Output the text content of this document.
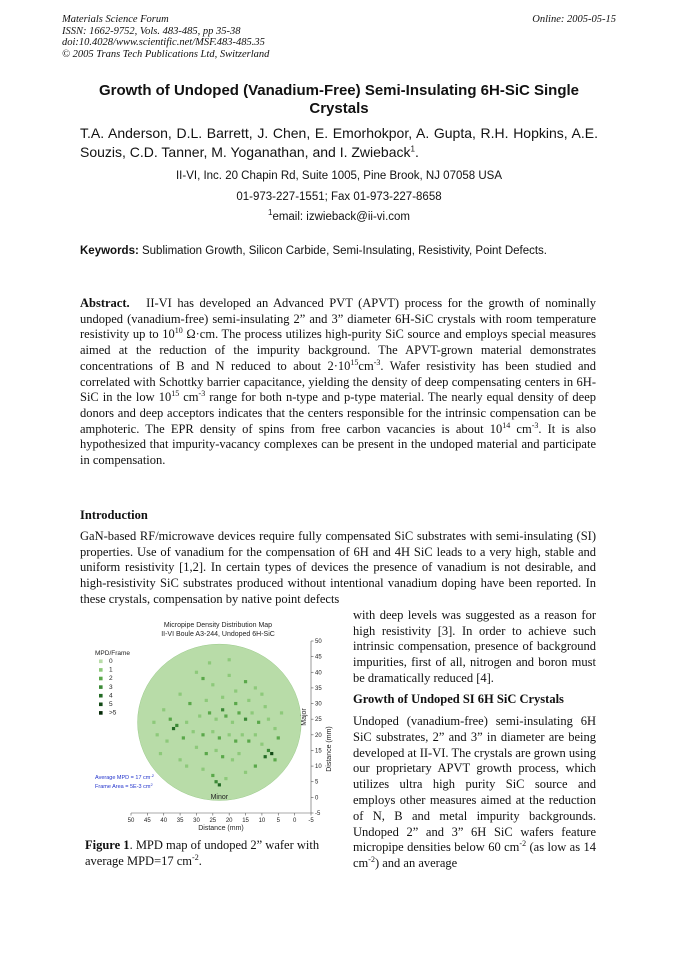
Materials Science Forum
ISSN: 1662-9752, Vols. 483-485, pp 35-38
doi:10.4028/www.scientific.net/MSF.483-485.35
© 2005 Trans Tech Publications Ltd, Switzerland
Online: 2005-05-15
Growth of Undoped (Vanadium-Free) Semi-Insulating 6H-SiC Single Crystals
T.A. Anderson, D.L. Barrett, J. Chen, E. Emorhokpor, A. Gupta, R.H. Hopkins, A.E. Souzis, C.D. Tanner, M. Yoganathan, and I. Zwieback$^1$.
II-VI, Inc. 20 Chapin Rd, Suite 1005, Pine Brook, NJ 07058 USA
01-973-227-1551; Fax 01-973-227-8658
$^1$email: izwieback@ii-vi.com
Keywords: Sublimation Growth, Silicon Carbide, Semi-Insulating, Resistivity, Point Defects.
Abstract. II-VI has developed an Advanced PVT (APVT) process for the growth of nominally undoped (vanadium-free) semi-insulating 2” and 3” diameter 6H-SiC crystals with room temperature resistivity up to $10^{10}$ Ω·cm. The process utilizes high-purity SiC source and employs special measures aimed at the reduction of the impurity background. The APVT-grown material demonstrates concentrations of B and N reduced to about $2\cdot 10^{15}cm^{-3}$. Wafer resistivity has been studied and correlated with Schottky barrier capacitance, yielding the density of deep compensating centers in 6H-SiC in the low $10^{15}$ $cm^{-3}$ range for both n-type and p-type material. The nearly equal density of deep donors and deep acceptors indicates that the centers responsible for the intrinsic compensation can be amphoteric. The EPR density of spins from free carbon vacancies is about $10^{14}$ $cm^{-3}$. It is also hypothesized that impurity-vacancy complexes can be present in the undoped material and participate in compensation.
Introduction
GaN-based RF/microwave devices require fully compensated SiC substrates with semi-insulating (SI) properties. Use of vanadium for the compensation of 6H and 4H SiC leads to a very high, stable and uniform resistivity [1,2]. In certain types of devices the presence of vanadium is not desirable, and high-resistivity SiC substrates produced without intentional vanadium doping have been reported. In these crystals, compensation by native point defects
with deep levels was suggested as a reason for high resistivity [3]. In order to achieve such intrinsic compensation, presence of background impurities, first of all, nitrogen and boron must be dramatically reduced [4].
Growth of Undoped SI 6H SiC Crystals
Undoped (vanadium-free) semi-insulating 6H SiC substrates, 2” and 3” in diameter are being developed at II-VI. The crystals are grown using our proprietary APVT growth process, which utilizes ultra high purity SiC source and employs other measures aimed at the reduction of N, B and metal impurity backgrounds. Undoped 2” and 3” 6H SiC wafers feature micropipe densities below 60 $cm^{-2}$ (as low as 14 $cm^{-2}$) and an average
Micropipe Density Distribution Map
II-VI Boule A3-244, Undoped 6H-SiC
50 45 40 35 30 25 20 15 10 5 0 -5
Distance (mm)
50
45
40
35
30
25
20
15
10
5
0
-5
Distance (mm)
Major
Minor
MPD/Frame
0
1
2
3
4
5
>5
Average MPD = 17 $cm^{-2}$
Frame Area = 5E-3 $cm^2$
Figure 1. MPD map of undoped 2” wafer with average MPD=17 $cm^{-2}$.
